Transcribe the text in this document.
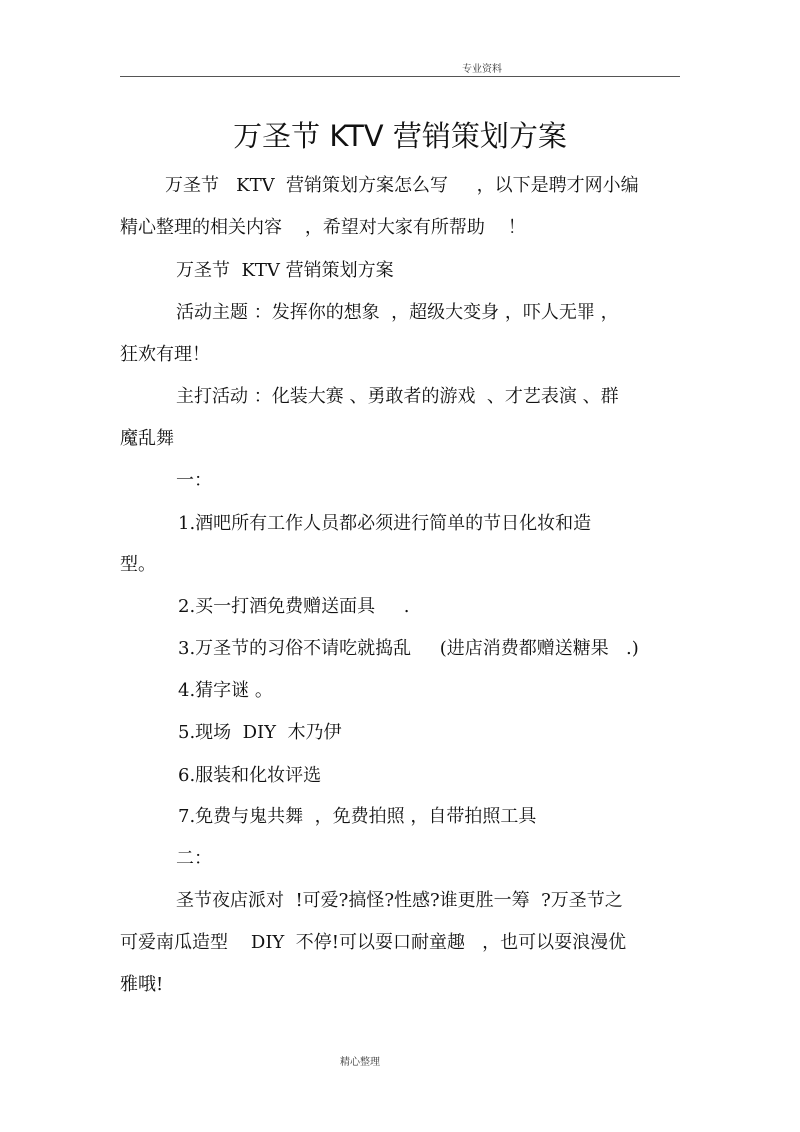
专业资料
万圣节 KTV 营销策划方案
万圣节   KTV  营销策划方案怎么写     ，以下是聘才网小编
精心整理的相关内容    ，希望对大家有所帮助    ！
万圣节  KTV 营销策划方案
活动主题 ：发挥你的想象  ，超级大变身 ，吓人无罪 ，
狂欢有理！
主打活动 ：化装大赛 、勇敢者的游戏  、才艺表演 、群
魔乱舞
一：
1.酒吧所有工作人员都必须进行简单的节日化妆和造
型。
2.买一打酒免费赠送面具     .
3.万圣节的习俗不请吃就捣乱     (进店消费都赠送糖果   .)
4.猜字谜 。
5.现场  DIY  木乃伊
6.服装和化妆评选
7.免费与鬼共舞  ，免费拍照 ，自带拍照工具
二：
圣节夜店派对  !可爱?搞怪?性感?谁更胜一筹  ?万圣节之
可爱南瓜造型    DIY  不停!可以耍口耐童趣   ，也可以耍浪漫优
雅哦!
精心整理
